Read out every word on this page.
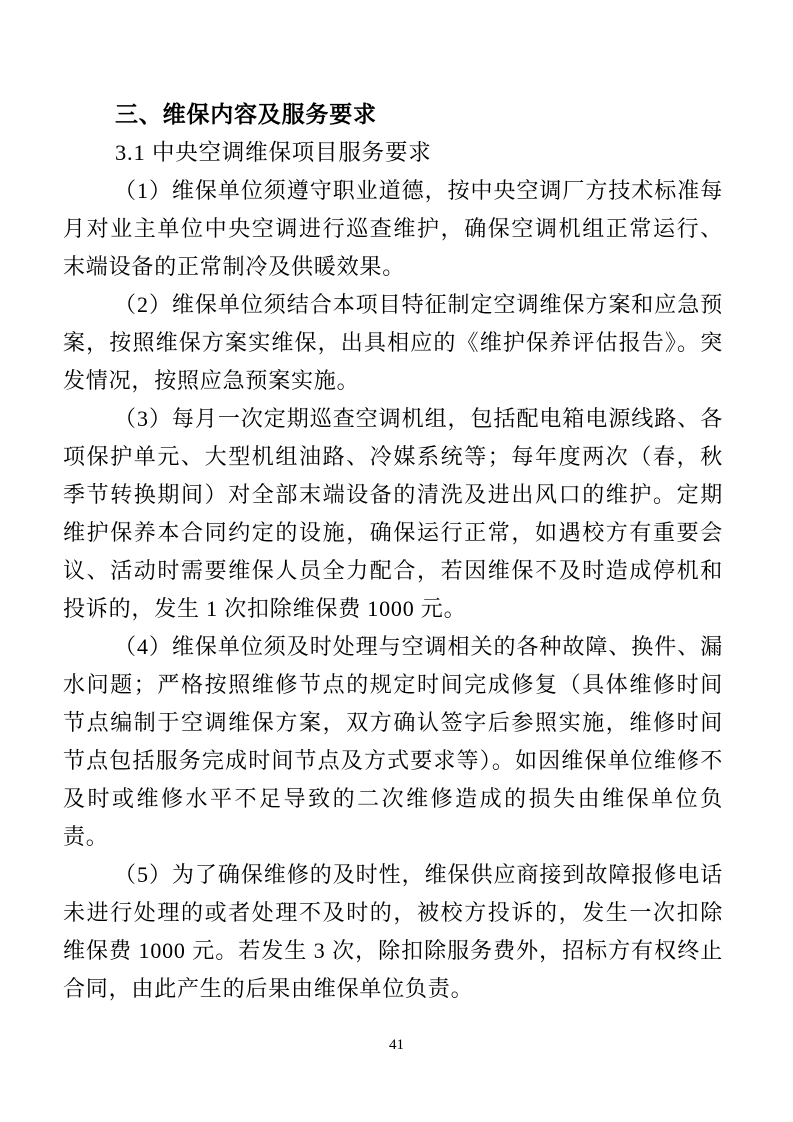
三、维保内容及服务要求
3.1 中央空调维保项目服务要求

（1）维保单位须遵守职业道德，按中央空调厂方技术标准每月对业主单位中央空调进行巡查维护，确保空调机组正常运行、末端设备的正常制冷及供暖效果。

（2）维保单位须结合本项目特征制定空调维保方案和应急预案，按照维保方案实维保，出具相应的《维护保养评估报告》。突发情况，按照应急预案实施。

（3）每月一次定期巡查空调机组，包括配电箱电源线路、各项保护单元、大型机组油路、冷媒系统等；每年度两次（春，秋季节转换期间）对全部末端设备的清洗及进出风口的维护。定期维护保养本合同约定的设施，确保运行正常，如遇校方有重要会议、活动时需要维保人员全力配合，若因维保不及时造成停机和投诉的，发生 1 次扣除维保费 1000 元。

（4）维保单位须及时处理与空调相关的各种故障、换件、漏水问题；严格按照维修节点的规定时间完成修复（具体维修时间节点编制于空调维保方案，双方确认签字后参照实施，维修时间节点包括服务完成时间节点及方式要求等）。如因维保单位维修不及时或维修水平不足导致的二次维修造成的损失由维保单位负责。

（5）为了确保维修的及时性，维保供应商接到故障报修电话未进行处理的或者处理不及时的，被校方投诉的，发生一次扣除维保费 1000 元。若发生 3 次，除扣除服务费外，招标方有权终止合同，由此产生的后果由维保单位负责。

41
